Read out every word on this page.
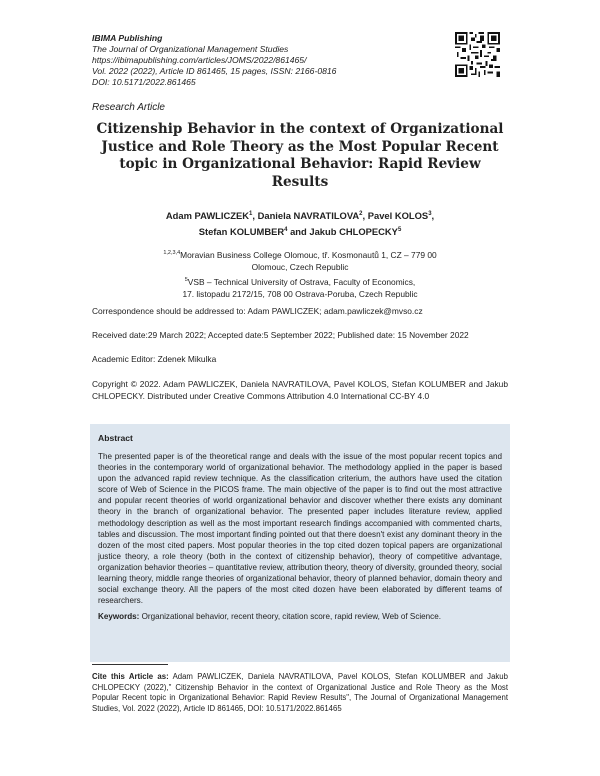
IBIMA Publishing
The Journal of Organizational Management Studies
https://ibimapublishing.com/articles/JOMS/2022/861465/
Vol. 2022 (2022), Article ID 861465, 15 pages, ISSN: 2166-0816
DOI: 10.5171/2022.861465
Research Article
Citizenship Behavior in the context of Organizational Justice and Role Theory as the Most Popular Recent topic in Organizational Behavior: Rapid Review Results
Adam PAWLICZEK$^1$, Daniela NAVRATILOVA$^2$, Pavel KOLOS$^3$,
Stefan KOLUMBER$^4$ and Jakub CHLOPECKY$^5$
$^{1,2,3,4}$Moravian Business College Olomouc, tř. Kosmonautů 1, CZ – 779 00
Olomouc, Czech Republic
$^5$VSB – Technical University of Ostrava, Faculty of Economics,
17. listopadu 2172/15, 708 00 Ostrava-Poruba, Czech Republic
Correspondence should be addressed to: Adam PAWLICZEK; adam.pawliczek@mvso.cz
Received date:29 March 2022; Accepted date:5 September 2022; Published date: 15 November 2022
Academic Editor: Zdenek Mikulka
Copyright © 2022. Adam PAWLICZEK, Daniela NAVRATILOVA, Pavel KOLOS, Stefan KOLUMBER and Jakub CHLOPECKY. Distributed under Creative Commons Attribution 4.0 International CC-BY 4.0
Abstract
The presented paper is of the theoretical range and deals with the issue of the most popular recent topics and theories in the contemporary world of organizational behavior. The methodology applied in the paper is based upon the advanced rapid review technique. As the classification criterium, the authors have used the citation score of Web of Science in the PICOS frame. The main objective of the paper is to find out the most attractive and popular recent theories of world organizational behavior and discover whether there exists any dominant theory in the branch of organizational behavior. The presented paper includes literature review, applied methodology description as well as the most important research findings accompanied with commented charts, tables and discussion. The most important finding pointed out that there doesn't exist any dominant theory in the dozen of the most cited papers. Most popular theories in the top cited dozen topical papers are organizational justice theory, a role theory (both in the context of citizenship behavior), theory of competitive advantage, organization behavior theories – quantitative review, attribution theory, theory of diversity, grounded theory, social learning theory, middle range theories of organizational behavior, theory of planned behavior, domain theory and social exchange theory. All the papers of the most cited dozen have been elaborated by different teams of researchers.
Keywords: Organizational behavior, recent theory, citation score, rapid review, Web of Science.
Cite this Article as: Adam PAWLICZEK, Daniela NAVRATILOVA, Pavel KOLOS, Stefan KOLUMBER and Jakub CHLOPECKY (2022)," Citizenship Behavior in the context of Organizational Justice and Role Theory as the Most Popular Recent topic in Organizational Behavior: Rapid Review Results", The Journal of Organizational Management Studies, Vol. 2022 (2022), Article ID 861465, DOI: 10.5171/2022.861465
